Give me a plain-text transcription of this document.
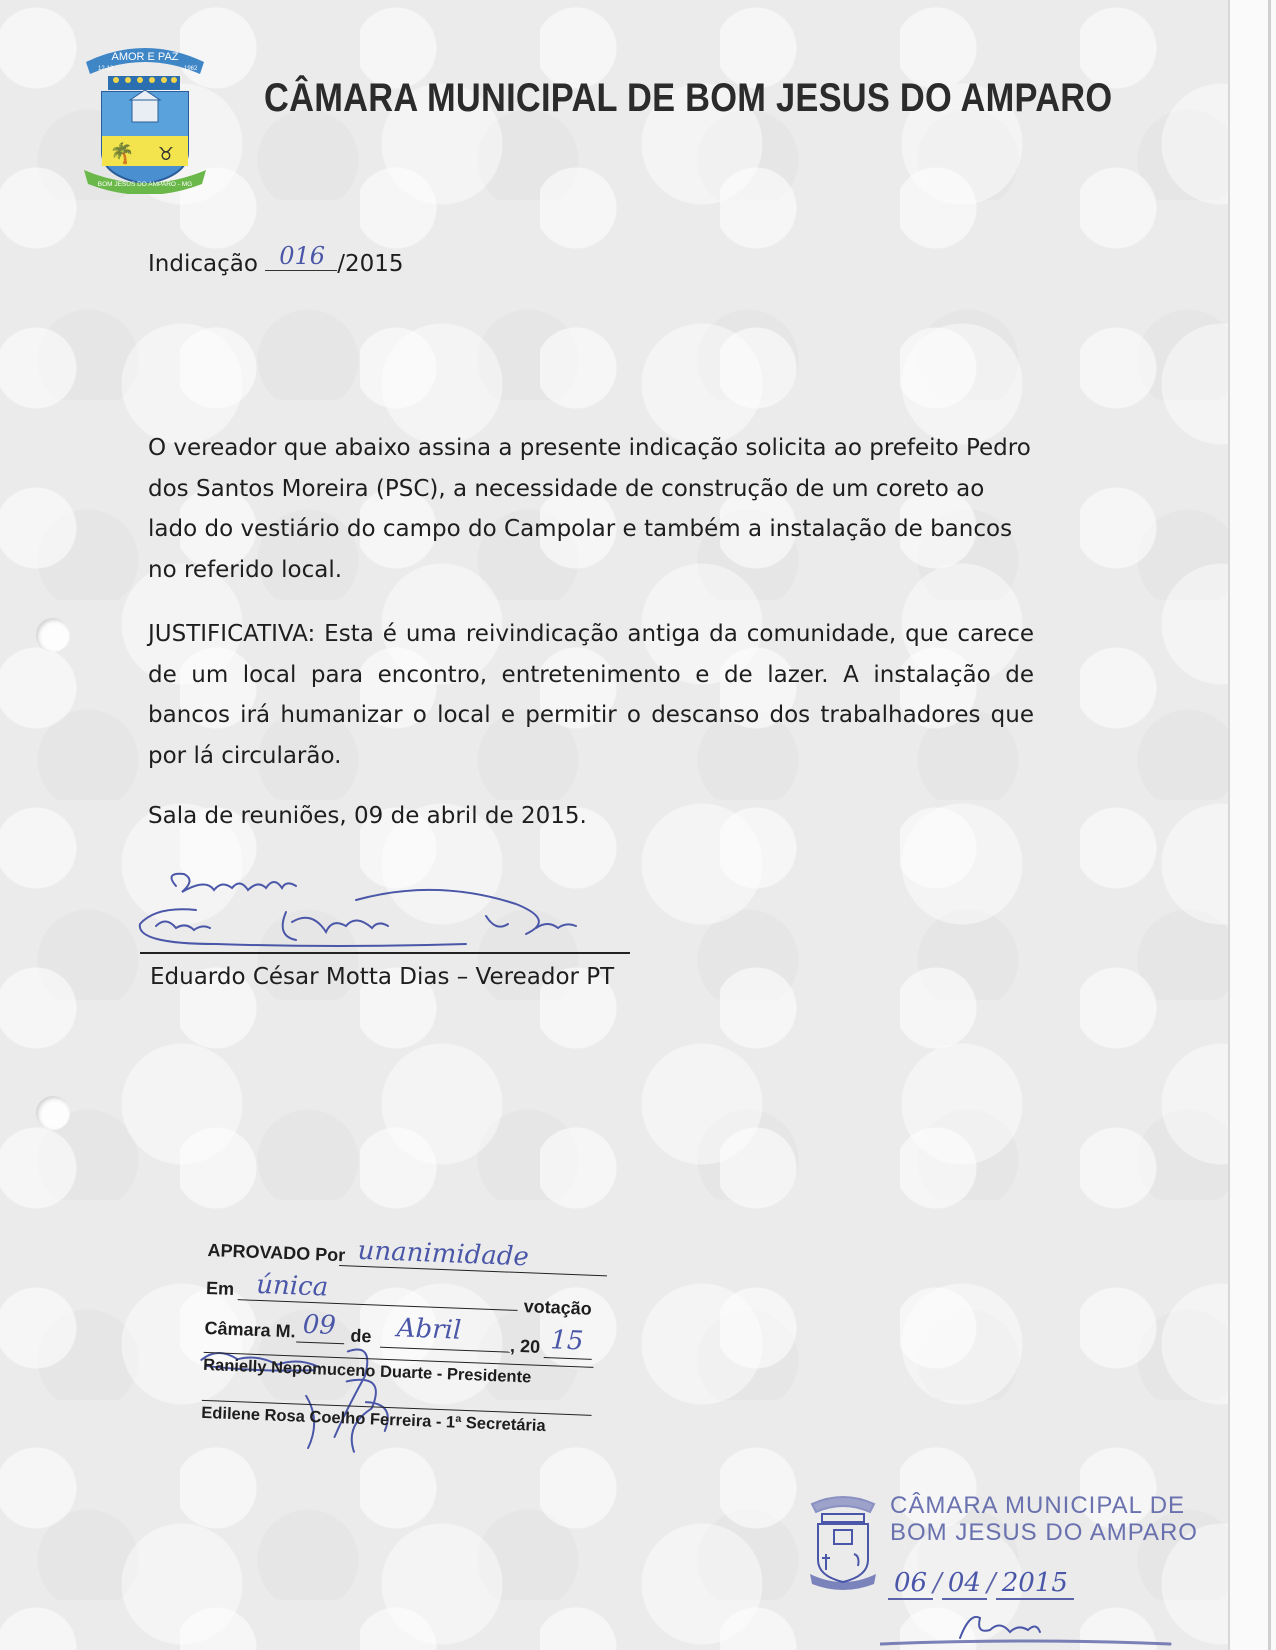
AMOR E PAZ
12-12	1962
🌴 ♉
BOM JESUS DO AMPARO - MG
CÂMARA MUNICIPAL DE BOM JESUS DO AMPARO
Indicação 016 /2015
O vereador que abaixo assina a presente indicação solicita ao prefeito Pedro dos Santos Moreira (PSC), a necessidade de construção de um coreto ao lado do vestiário do campo do Campolar e também a instalação de bancos no referido local.
JUSTIFICATIVA: Esta é uma reivindicação antiga da comunidade, que carece de um local para encontro, entretenimento e de lazer. A instalação de bancos irá humanizar o local e permitir o descanso dos trabalhadores que por lá circularão.
Sala de reuniões, 09 de abril de 2015.
Eduardo César Motta Dias – Vereador PT
APROVADO Por unanimidade
Em única
votação
Câmara M. 09 de Abril
, 20 15
Ranielly Nepomuceno Duarte - Presidente
Edilene Rosa Coelho Ferreira - 1ª Secretária
CÂMARA MUNICIPAL DE
BOM JESUS DO AMPARO
06 / 04 / 2015
